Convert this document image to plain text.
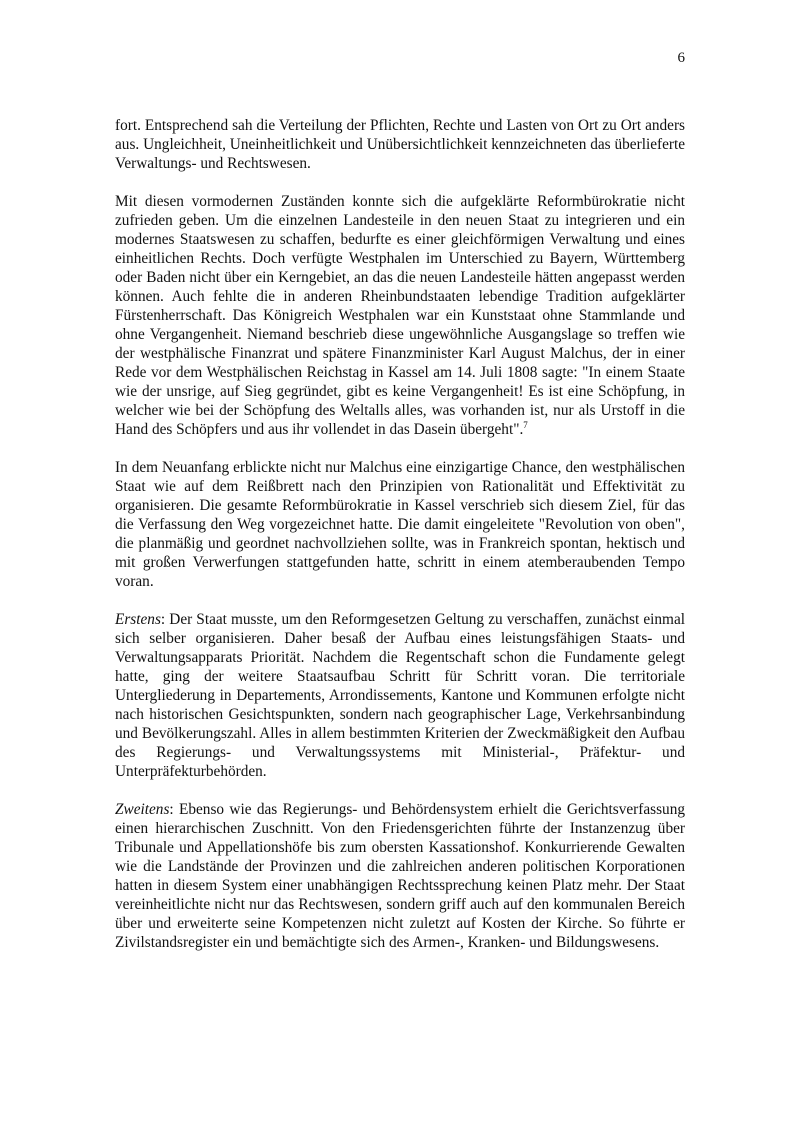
6

fort. Entsprechend sah die Verteilung der Pflichten, Rechte und Lasten von Ort zu Ort anders aus. Ungleichheit, Uneinheitlichkeit und Unübersichtlichkeit kennzeichneten das überlieferte Verwaltungs- und Rechtswesen.

Mit diesen vormodernen Zuständen konnte sich die aufgeklärte Reformbürokratie nicht zufrieden geben. Um die einzelnen Landesteile in den neuen Staat zu integrieren und ein modernes Staatswesen zu schaffen, bedurfte es einer gleichförmigen Verwaltung und eines einheitlichen Rechts. Doch verfügte Westphalen im Unterschied zu Bayern, Württemberg oder Baden nicht über ein Kerngebiet, an das die neuen Landesteile hätten angepasst werden können. Auch fehlte die in anderen Rheinbundstaaten lebendige Tradition aufgeklärter Fürstenherrschaft. Das Königreich Westphalen war ein Kunststaat ohne Stammlande und ohne Vergangenheit. Niemand beschrieb diese ungewöhnliche Ausgangslage so treffen wie der westphälische Finanzrat und spätere Finanzminister Karl August Malchus, der in einer Rede vor dem Westphälischen Reichstag in Kassel am 14. Juli 1808 sagte: "In einem Staate wie der unsrige, auf Sieg gegründet, gibt es keine Vergangenheit! Es ist eine Schöpfung, in welcher wie bei der Schöpfung des Weltalls alles, was vorhanden ist, nur als Urstoff in die Hand des Schöpfers und aus ihr vollendet in das Dasein übergeht".$^7$

In dem Neuanfang erblickte nicht nur Malchus eine einzigartige Chance, den westphälischen Staat wie auf dem Reißbrett nach den Prinzipien von Rationalität und Effektivität zu organisieren. Die gesamte Reformbürokratie in Kassel verschrieb sich diesem Ziel, für das die Verfassung den Weg vorgezeichnet hatte. Die damit eingeleitete "Revolution von oben", die planmäßig und geordnet nachvollziehen sollte, was in Frankreich spontan, hektisch und mit großen Verwerfungen stattgefunden hatte, schritt in einem atemberaubenden Tempo voran.

Erstens: Der Staat musste, um den Reformgesetzen Geltung zu verschaffen, zunächst einmal sich selber organisieren. Daher besaß der Aufbau eines leistungsfähigen Staats- und Verwaltungsapparats Priorität. Nachdem die Regentschaft schon die Fundamente gelegt hatte, ging der weitere Staatsaufbau Schritt für Schritt voran. Die territoriale Untergliederung in Departements, Arrondissements, Kantone und Kommunen erfolgte nicht nach historischen Gesichtspunkten, sondern nach geographischer Lage, Verkehrsanbindung und Bevölkerungszahl. Alles in allem bestimmten Kriterien der Zweckmäßigkeit den Aufbau des Regierungs- und Verwaltungssystems mit Ministerial-, Präfektur- und Unterpräfekturbehörden.

Zweitens: Ebenso wie das Regierungs- und Behördensystem erhielt die Gerichtsverfassung einen hierarchischen Zuschnitt. Von den Friedensgerichten führte der Instanzenzug über Tribunale und Appellationshöfe bis zum obersten Kassationshof. Konkurrierende Gewalten wie die Landstände der Provinzen und die zahlreichen anderen politischen Korporationen hatten in diesem System einer unabhängigen Rechtssprechung keinen Platz mehr. Der Staat vereinheitlichte nicht nur das Rechtswesen, sondern griff auch auf den kommunalen Bereich über und erweiterte seine Kompetenzen nicht zuletzt auf Kosten der Kirche. So führte er Zivilstandsregister ein und bemächtigte sich des Armen-, Kranken- und Bildungswesens.
